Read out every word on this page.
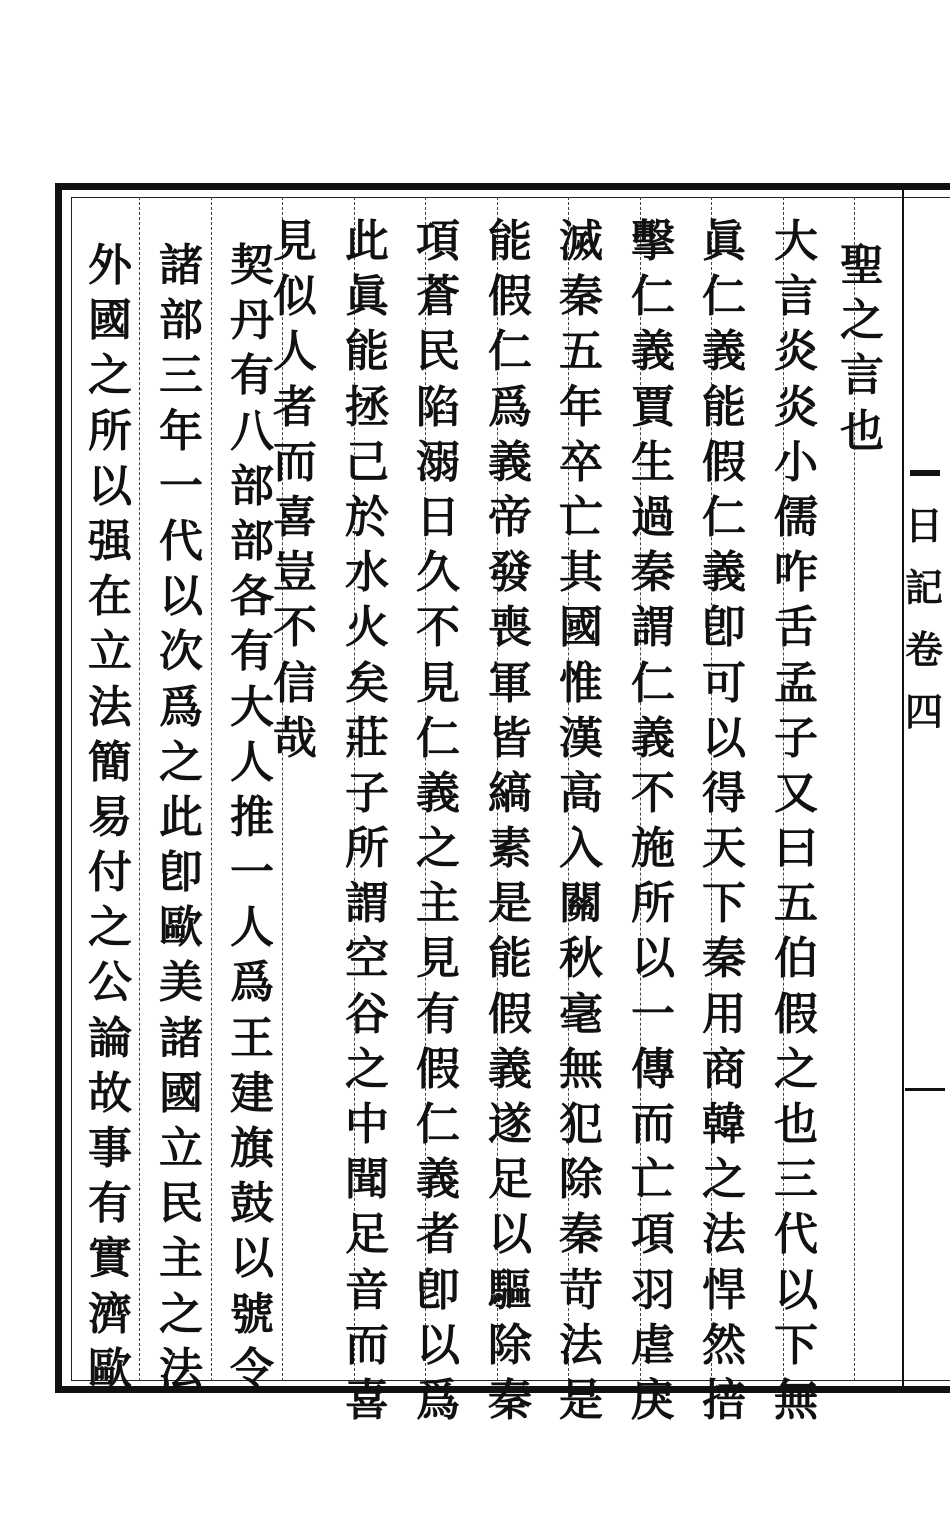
聖
之
言
也
大
言
炎
炎
小
儒
咋
舌
孟
子
又
曰
五
伯
假
之
也
三
代
以
下
無
眞
仁
義
能
假
仁
義
卽
可
以
得
天
下
秦
用
商
韓
之
法
悍
然
掊
擊
仁
義
賈
生
過
秦
謂
仁
義
不
施
所
以
一
傳
而
亡
項
羽
虐
戾
滅
秦
五
年
卒
亡
其
國
惟
漢
高
入
關
秋
毫
無
犯
除
秦
苛
法
是
能
假
仁
爲
義
帝
發
喪
軍
皆
縞
素
是
能
假
義
遂
足
以
驅
除
秦
項
蒼
民
陷
溺
日
久
不
見
仁
義
之
主
見
有
假
仁
義
者
卽
以
爲
此
眞
能
拯
己
於
水
火
矣
莊
子
所
謂
空
谷
之
中
聞
足
音
而
喜
見
似
人
者
而
喜
豈
不
信
哉
契
丹
有
八
部
部
各
有
大
人
推
一
人
爲
王
建
旗
鼓
以
號
令
諸
部
三
年
一
代
以
次
爲
之
此
卽
歐
美
諸
國
立
民
主
之
法
外
國
之
所
以
强
在
立
法
簡
易
付
之
公
論
故
事
有
實
濟
歐
日
記
卷
四
